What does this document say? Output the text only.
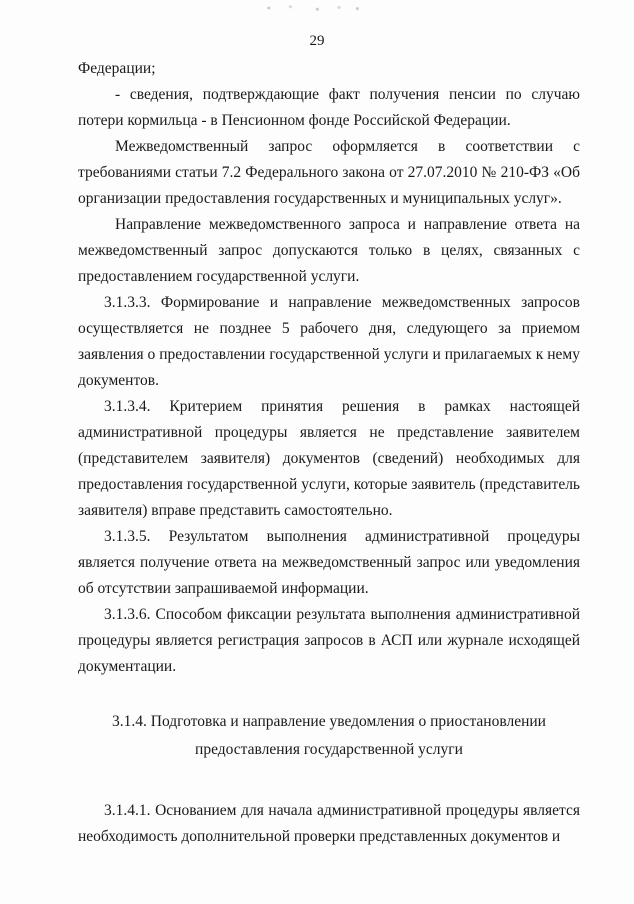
29

Федерации;

- сведения, подтверждающие факт получения пенсии по случаю потери кормильца - в Пенсионном фонде Российской Федерации.

Межведомственный запрос оформляется в соответствии с требованиями статьи 7.2 Федерального закона от 27.07.2010 № 210-ФЗ «Об организации предоставления государственных и муниципальных услуг».

Направление межведомственного запроса и направление ответа на межведомственный запрос допускаются только в целях, связанных с предоставлением государственной услуги.

3.1.3.3. Формирование и направление межведомственных запросов осуществляется не позднее 5 рабочего дня, следующего за приемом заявления о предоставлении государственной услуги и прилагаемых к нему документов.

3.1.3.4. Критерием принятия решения в рамках настоящей административной процедуры является не представление заявителем (представителем заявителя) документов (сведений) необходимых для предоставления государственной услуги, которые заявитель (представитель заявителя) вправе представить самостоятельно.

3.1.3.5. Результатом выполнения административной процедуры является получение ответа на межведомственный запрос или уведомления об отсутствии запрашиваемой информации.

3.1.3.6. Способом фиксации результата выполнения административной процедуры является регистрация запросов в АСП или журнале исходящей документации.

3.1.4. Подготовка и направление уведомления о приостановлении
предоставления государственной услуги

3.1.4.1. Основанием для начала административной процедуры является необходимость дополнительной проверки представленных документов и
